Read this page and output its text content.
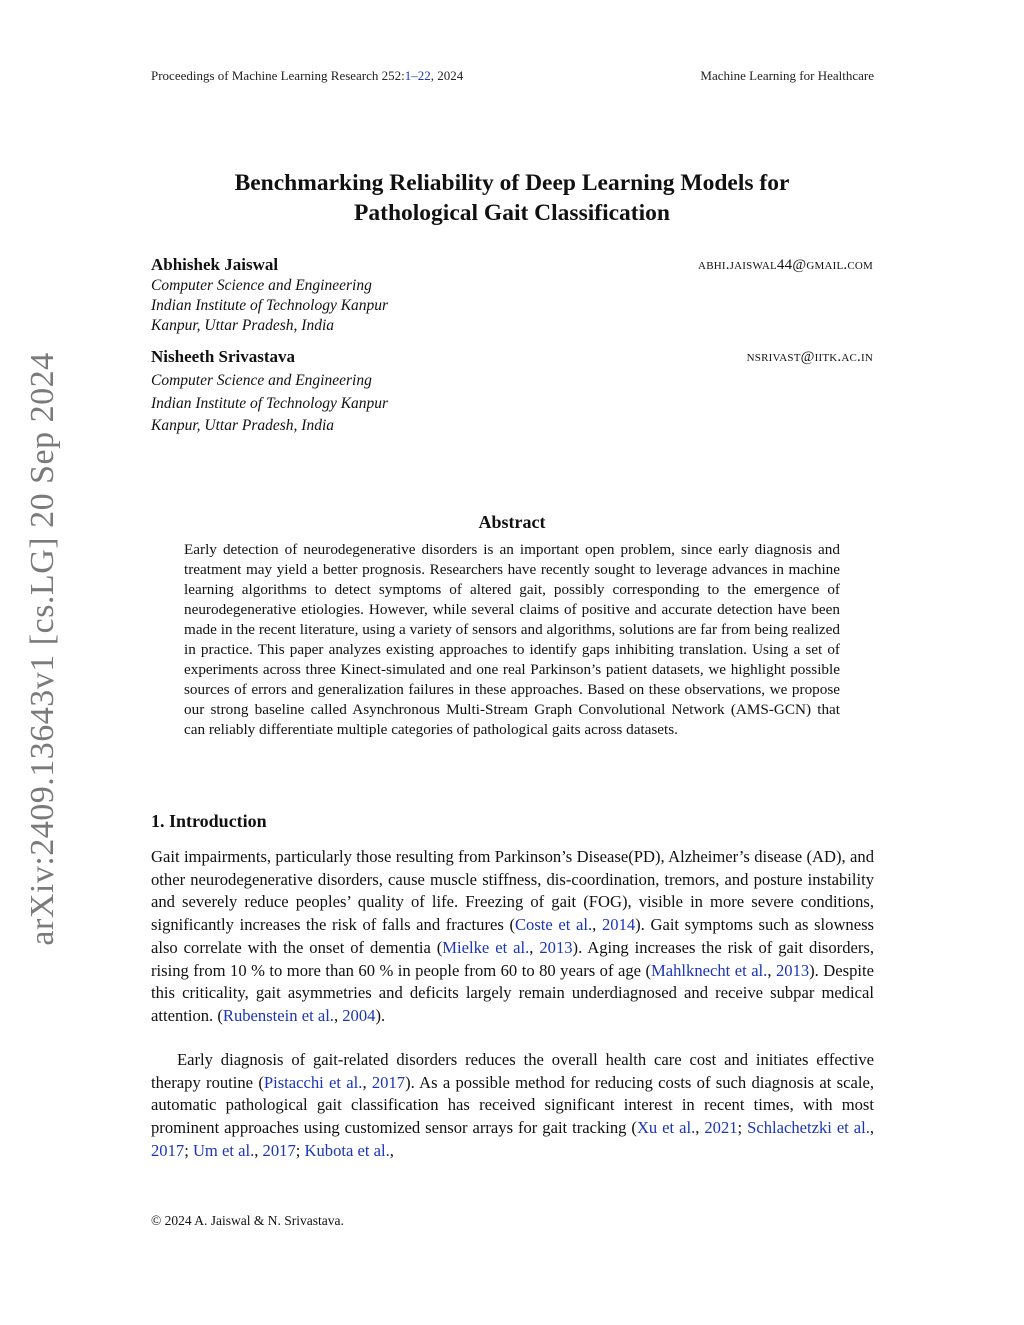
Proceedings of Machine Learning Research 252:1–22, 2024	Machine Learning for Healthcare
arXiv:2409.13643v1 [cs.LG] 20 Sep 2024
Benchmarking Reliability of Deep Learning Models for
Pathological Gait Classification
Abhishek Jaiswal	abhi.jaiswal44@gmail.com
Computer Science and Engineering
Indian Institute of Technology Kanpur
Kanpur, Uttar Pradesh, India
Nisheeth Srivastava	nsrivast@iitk.ac.in
Computer Science and Engineering
Indian Institute of Technology Kanpur
Kanpur, Uttar Pradesh, India
Abstract
Early detection of neurodegenerative disorders is an important open problem, since early diagnosis and treatment may yield a better prognosis. Researchers have recently sought to leverage advances in machine learning algorithms to detect symptoms of altered gait, possibly corresponding to the emergence of neurodegenerative etiologies. However, while several claims of positive and accurate detection have been made in the recent literature, using a variety of sensors and algorithms, solutions are far from being realized in practice. This paper analyzes existing approaches to identify gaps inhibiting translation. Using a set of experiments across three Kinect-simulated and one real Parkinson’s patient datasets, we highlight possible sources of errors and generalization failures in these approaches. Based on these observations, we propose our strong baseline called Asynchronous Multi-Stream Graph Convolutional Network (AMS-GCN) that can reliably differentiate multiple categories of pathological gaits across datasets.
1. Introduction
Gait impairments, particularly those resulting from Parkinson’s Disease(PD), Alzheimer’s disease (AD), and other neurodegenerative disorders, cause muscle stiffness, dis-coordination, tremors, and posture instability and severely reduce peoples’ quality of life. Freezing of gait (FOG), visible in more severe conditions, significantly increases the risk of falls and fractures (Coste et al., 2014). Gait symptoms such as slowness also correlate with the onset of dementia (Mielke et al., 2013). Aging increases the risk of gait disorders, rising from 10 % to more than 60 % in people from 60 to 80 years of age (Mahlknecht et al., 2013). Despite this criticality, gait asymmetries and deficits largely remain underdiagnosed and receive subpar medical attention. (Rubenstein et al., 2004).
Early diagnosis of gait-related disorders reduces the overall health care cost and initiates effective therapy routine (Pistacchi et al., 2017). As a possible method for reducing costs of such diagnosis at scale, automatic pathological gait classification has received significant interest in recent times, with most prominent approaches using customized sensor arrays for gait tracking (Xu et al., 2021; Schlachetzki et al., 2017; Um et al., 2017; Kubota et al.,
© 2024 A. Jaiswal & N. Srivastava.
